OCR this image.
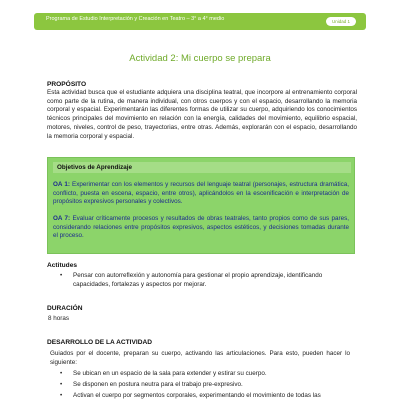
Programa de Estudio Interpretación y Creación en Teatro – 3° a 4° medio	Unidad 1
Actividad 2: Mi cuerpo se prepara
PROPÓSITO
Esta actividad busca que el estudiante adquiera una disciplina teatral, que incorpore al entrenamiento corporal como parte de la rutina, de manera individual, con otros cuerpos y con el espacio, desarrollando la memoria corporal y espacial. Experimentarán las diferentes formas de utilizar su cuerpo, adquiriendo los conocimientos técnicos principales del movimiento en relación con la energía, calidades del movimiento, equilibrio espacial, motores, niveles, control de peso, trayectorias, entre otras. Además, explorarán con el espacio, desarrollando la memoria corporal y espacial.
Objetivos de Aprendizaje
OA 1: Experimentar con los elementos y recursos del lenguaje teatral (personajes, estructura dramática, conflicto, puesta en escena, espacio, entre otros), aplicándolos en la escenificación e interpretación de propósitos expresivos personales y colectivos.
OA 7: Evaluar críticamente procesos y resultados de obras teatrales, tanto propios como de sus pares, considerando relaciones entre propósitos expresivos, aspectos estéticos, y decisiones tomadas durante el proceso.
Actitudes
• Pensar con autorreflexión y autonomía para gestionar el propio aprendizaje, identificando capacidades, fortalezas y aspectos por mejorar.
DURACIÓN
8 horas
DESARROLLO DE LA ACTIVIDAD
Guiados por el docente, preparan su cuerpo, activando las articulaciones. Para esto, pueden hacer lo siguiente:
• Se ubican en un espacio de la sala para extender y estirar su cuerpo.
• Se disponen en postura neutra para el trabajo pre-expresivo.
• Activan el cuerpo por segmentos corporales, experimentando el movimiento de todas las
